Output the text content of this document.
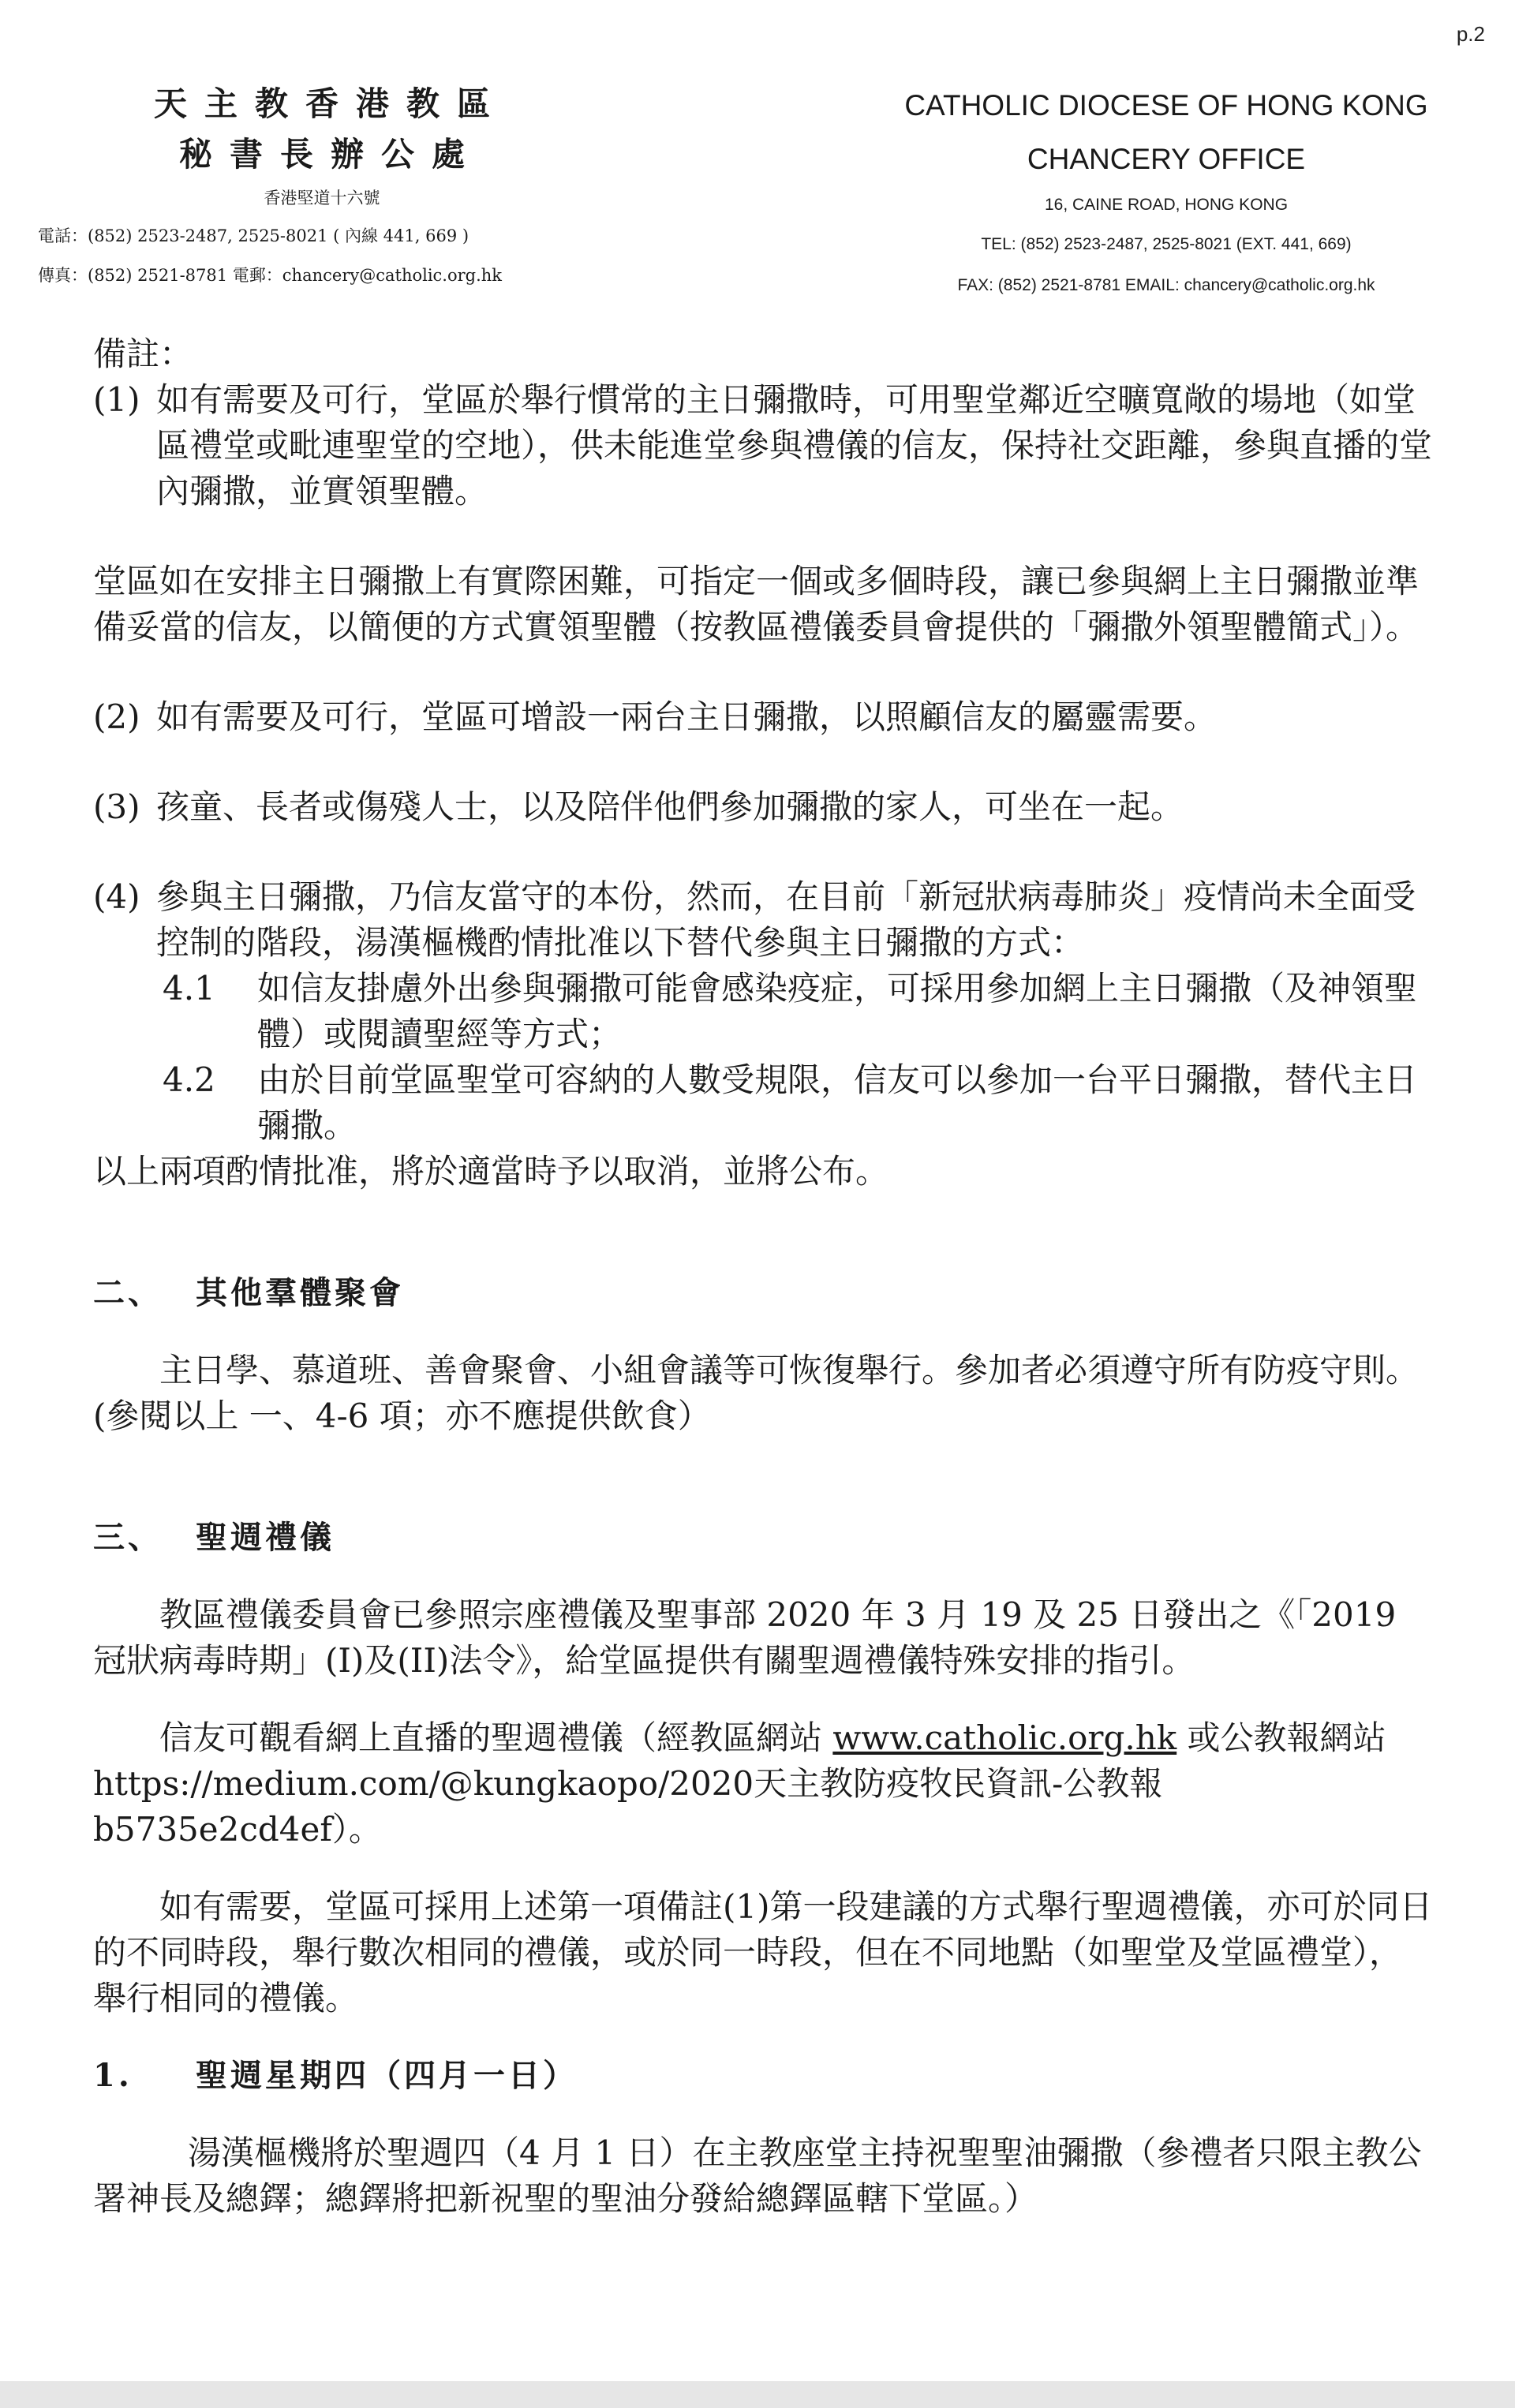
p.2
天主教香港教區
秘書長辦公處
香港堅道十六號
電話：(852) 2523-2487, 2525-8021 ( 內線 441, 669 )
傳真：(852) 2521-8781 電郵：chancery@catholic.org.hk
CATHOLIC DIOCESE OF HONG KONG
CHANCERY OFFICE
16, CAINE ROAD, HONG KONG
TEL: (852) 2523-2487, 2525-8021 (EXT. 441, 669)
FAX: (852) 2521-8781 EMAIL: chancery@catholic.org.hk

備註：

(1) 如有需要及可行，堂區於舉行慣常的主日彌撒時，可用聖堂鄰近空曠寬敞的場地（如堂區禮堂或毗連聖堂的空地），供未能進堂參與禮儀的信友，保持社交距離，參與直播的堂內彌撒，並實領聖體。

堂區如在安排主日彌撒上有實際困難，可指定一個或多個時段，讓已參與網上主日彌撒並準備妥當的信友，以簡便的方式實領聖體（按教區禮儀委員會提供的「彌撒外領聖體簡式」）。

(2) 如有需要及可行，堂區可增設一兩台主日彌撒，以照顧信友的屬靈需要。
(3) 孩童、長者或傷殘人士，以及陪伴他們參加彌撒的家人，可坐在一起。
(4) 參與主日彌撒，乃信友當守的本份，然而，在目前「新冠狀病毒肺炎」疫情尚未全面受控制的階段，湯漢樞機酌情批准以下替代參與主日彌撒的方式：
4.1	如信友掛慮外出參與彌撒可能會感染疫症，可採用參加網上主日彌撒（及神領聖體）或閱讀聖經等方式；
4.2	由於目前堂區聖堂可容納的人數受規限，信友可以參加一台平日彌撒，替代主日彌撒。

以上兩項酌情批准，將於適當時予以取消，並將公布。

二、 其他羣體聚會

主日學、慕道班、善會聚會、小組會議等可恢復舉行。參加者必須遵守所有防疫守則。(參閱以上 一、4-6 項；亦不應提供飲食）

三、 聖週禮儀

教區禮儀委員會已參照宗座禮儀及聖事部 2020 年 3 月 19 及 25 日發出之《「2019 冠狀病毒時期」(I)及(II)法令》，給堂區提供有關聖週禮儀特殊安排的指引。

信友可觀看網上直播的聖週禮儀（經教區網站 www.catholic.org.hk 或公教報網站 https://medium.com/@kungkaopo/2020天主教防疫牧民資訊-公教報b5735e2cd4ef）。

如有需要，堂區可採用上述第一項備註(1)第一段建議的方式舉行聖週禮儀，亦可於同日的不同時段，舉行數次相同的禮儀，或於同一時段，但在不同地點（如聖堂及堂區禮堂），舉行相同的禮儀。

1. 聖週星期四（四月一日）

湯漢樞機將於聖週四（4 月 1 日）在主教座堂主持祝聖聖油彌撒（參禮者只限主教公署神長及總鐸；總鐸將把新祝聖的聖油分發給總鐸區轄下堂區。）
